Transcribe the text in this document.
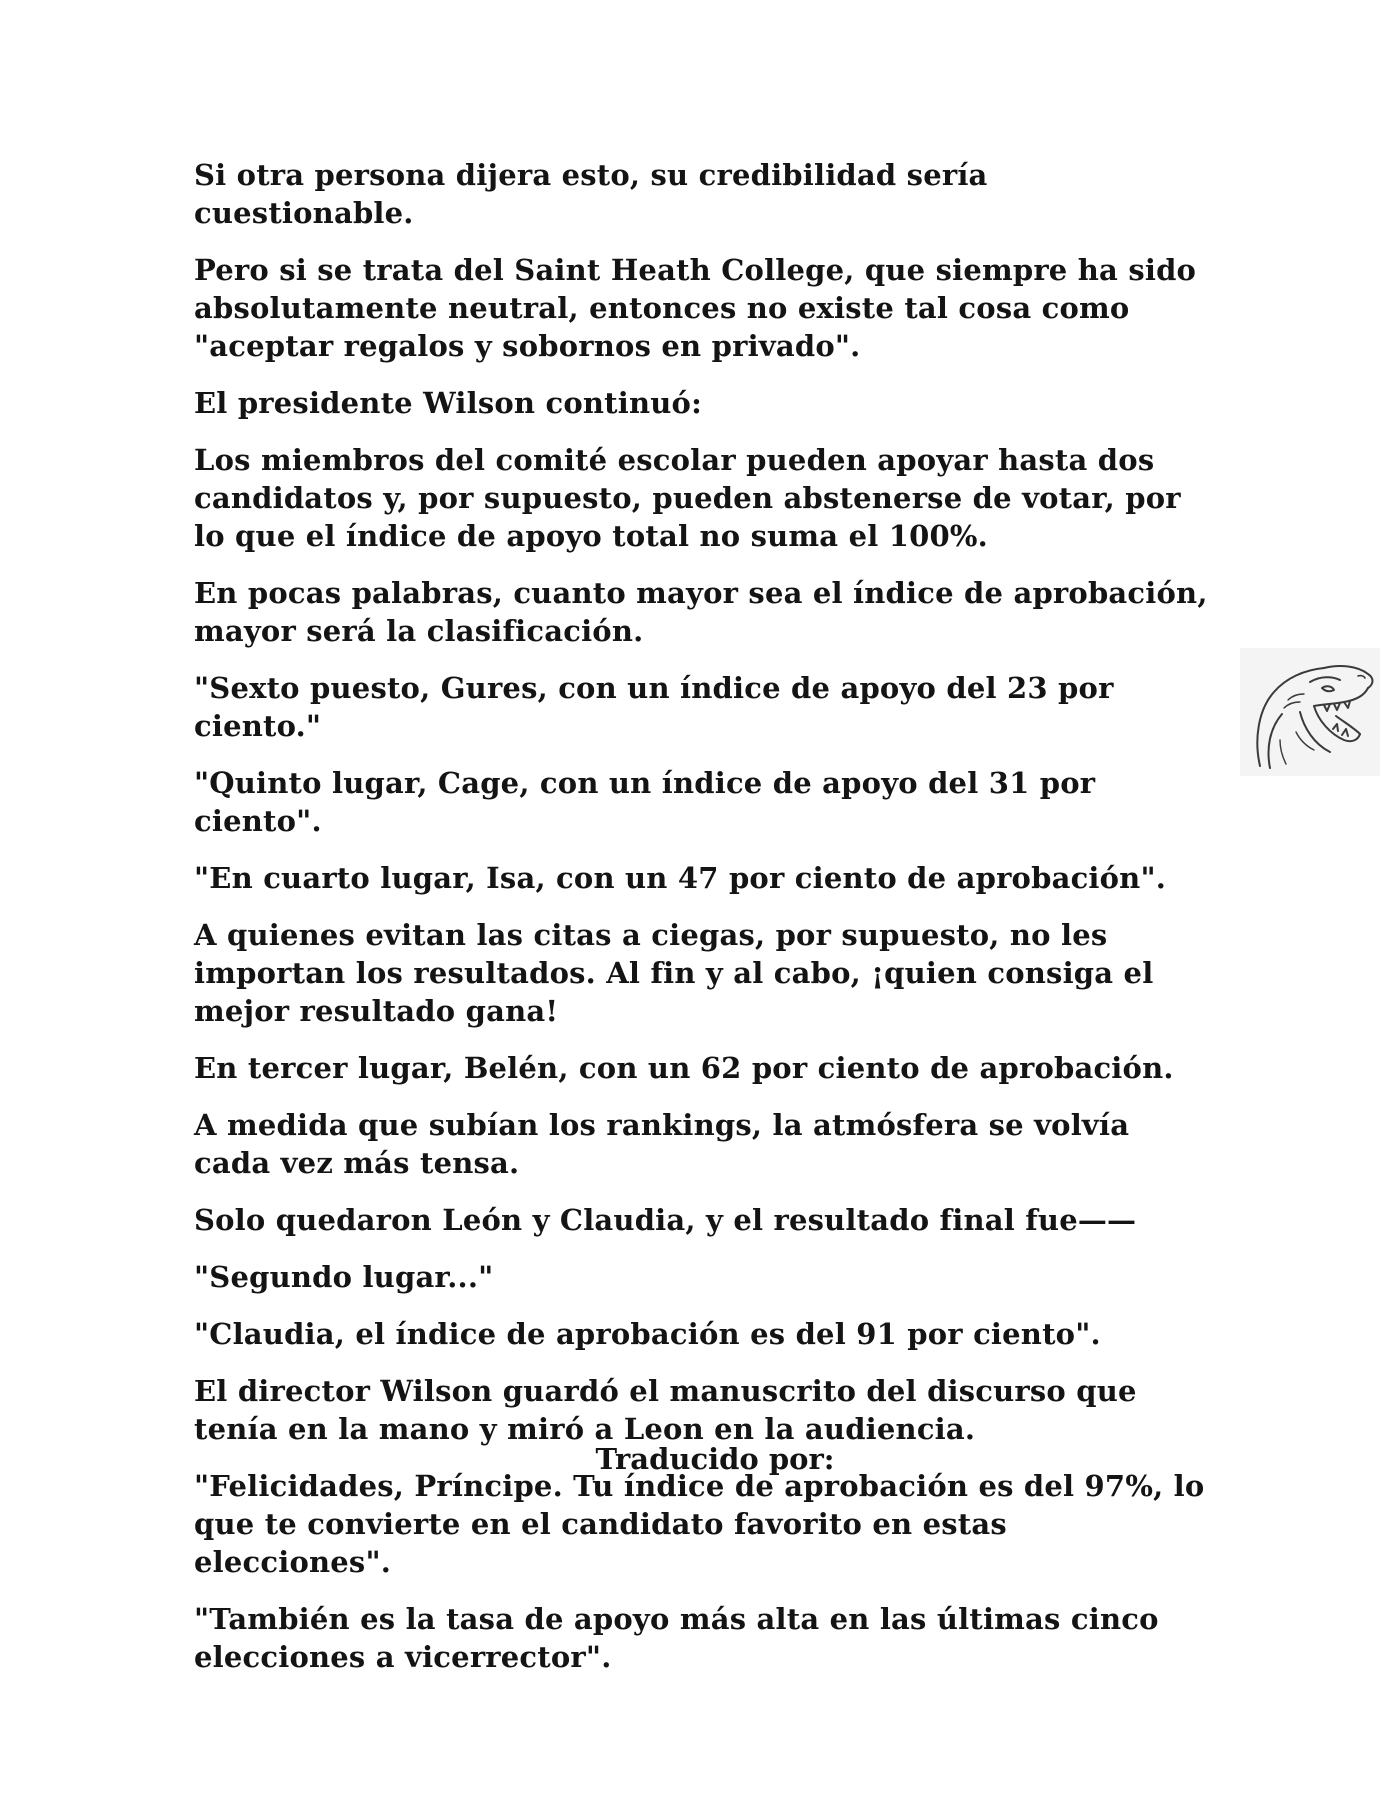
Si otra persona dijera esto, su credibilidad sería cuestionable.

Pero si se trata del Saint Heath College, que siempre ha sido absolutamente neutral, entonces no existe tal cosa como "aceptar regalos y sobornos en privado".

El presidente Wilson continuó:

Los miembros del comité escolar pueden apoyar hasta dos candidatos y, por supuesto, pueden abstenerse de votar, por lo que el índice de apoyo total no suma el 100%.

En pocas palabras, cuanto mayor sea el índice de aprobación, mayor será la clasificación.

"Sexto puesto, Gures, con un índice de apoyo del 23 por ciento."

"Quinto lugar, Cage, con un índice de apoyo del 31 por ciento".

"En cuarto lugar, Isa, con un 47 por ciento de aprobación".

A quienes evitan las citas a ciegas, por supuesto, no les importan los resultados. Al fin y al cabo, ¡quien consiga el mejor resultado gana!

En tercer lugar, Belén, con un 62 por ciento de aprobación.

A medida que subían los rankings, la atmósfera se volvía cada vez más tensa.

Solo quedaron León y Claudia, y el resultado final fue——

"Segundo lugar..."

"Claudia, el índice de aprobación es del 91 por ciento".

El director Wilson guardó el manuscrito del discurso que tenía en la mano y miró a Leon en la audiencia.

"Felicidades, Príncipe. Tu índice de aprobación es del 97%, lo que te convierte en el candidato favorito en estas elecciones".

"También es la tasa de apoyo más alta en las últimas cinco elecciones a vicerrector".

Traducido por:
